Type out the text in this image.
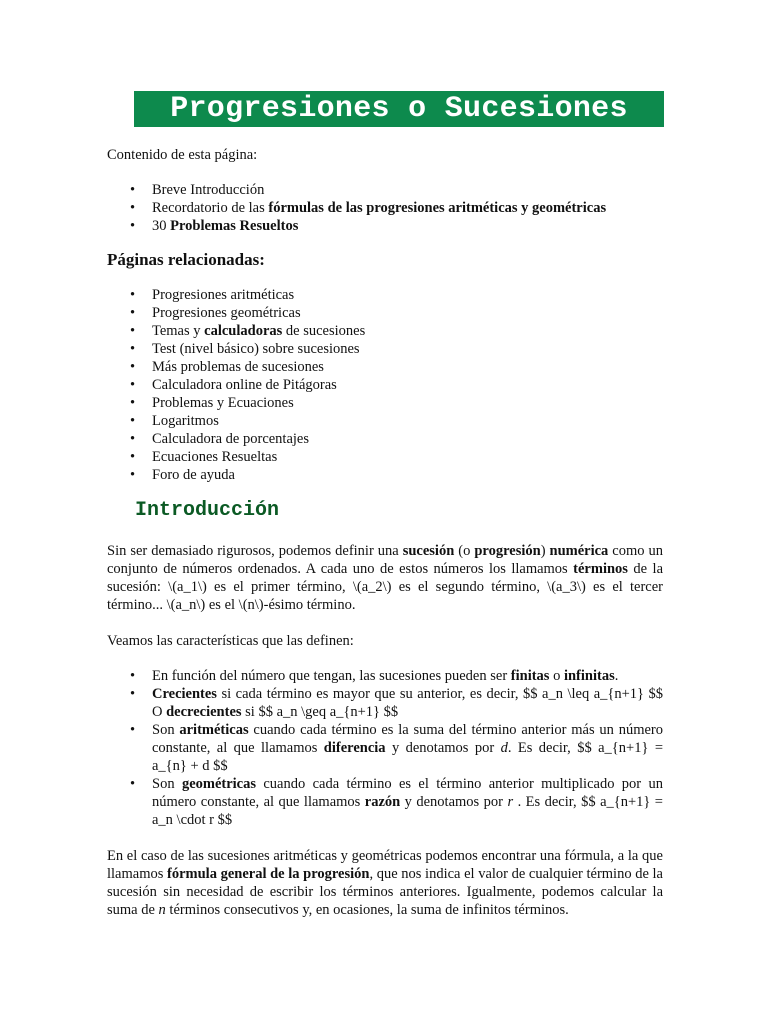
Progresiones o Sucesiones

Contenido de esta página:

• Breve Introducción
• Recordatorio de las fórmulas de las progresiones aritméticas y geométricas
• 30 Problemas Resueltos
Páginas relacionadas:
• Progresiones aritméticas
• Progresiones geométricas
• Temas y calculadoras de sucesiones
• Test (nivel básico) sobre sucesiones
• Más problemas de sucesiones
• Calculadora online de Pitágoras
• Problemas y Ecuaciones
• Logaritmos
• Calculadora de porcentajes
• Ecuaciones Resueltas
• Foro de ayuda
Introducción

Sin ser demasiado rigurosos, podemos definir una sucesión (o progresión) numérica como un conjunto de números ordenados. A cada uno de estos números los llamamos términos de la sucesión: \(a_1\) es el primer término, \(a_2\) es el segundo término, \(a_3\) es el tercer término... \(a_n\) es el \(n\)-ésimo término.

Veamos las características que las definen:

• En función del número que tengan, las sucesiones pueden ser finitas o infinitas.
• Crecientes si cada término es mayor que su anterior, es decir, $$ a_n \leq a_{n+1} $$ O decrecientes si $$ a_n \geq a_{n+1} $$
• Son aritméticas cuando cada término es la suma del término anterior más un número constante, al que llamamos diferencia y denotamos por d. Es decir, $$ a_{n+1} = a_{n} + d $$
• Son geométricas cuando cada término es el término anterior multiplicado por un número constante, al que llamamos razón y denotamos por r . Es decir, $$ a_{n+1} = a_n \cdot r $$

En el caso de las sucesiones aritméticas y geométricas podemos encontrar una fórmula, a la que llamamos fórmula general de la progresión, que nos indica el valor de cualquier término de la sucesión sin necesidad de escribir los términos anteriores. Igualmente, podemos calcular la suma de n términos consecutivos y, en ocasiones, la suma de infinitos términos.
